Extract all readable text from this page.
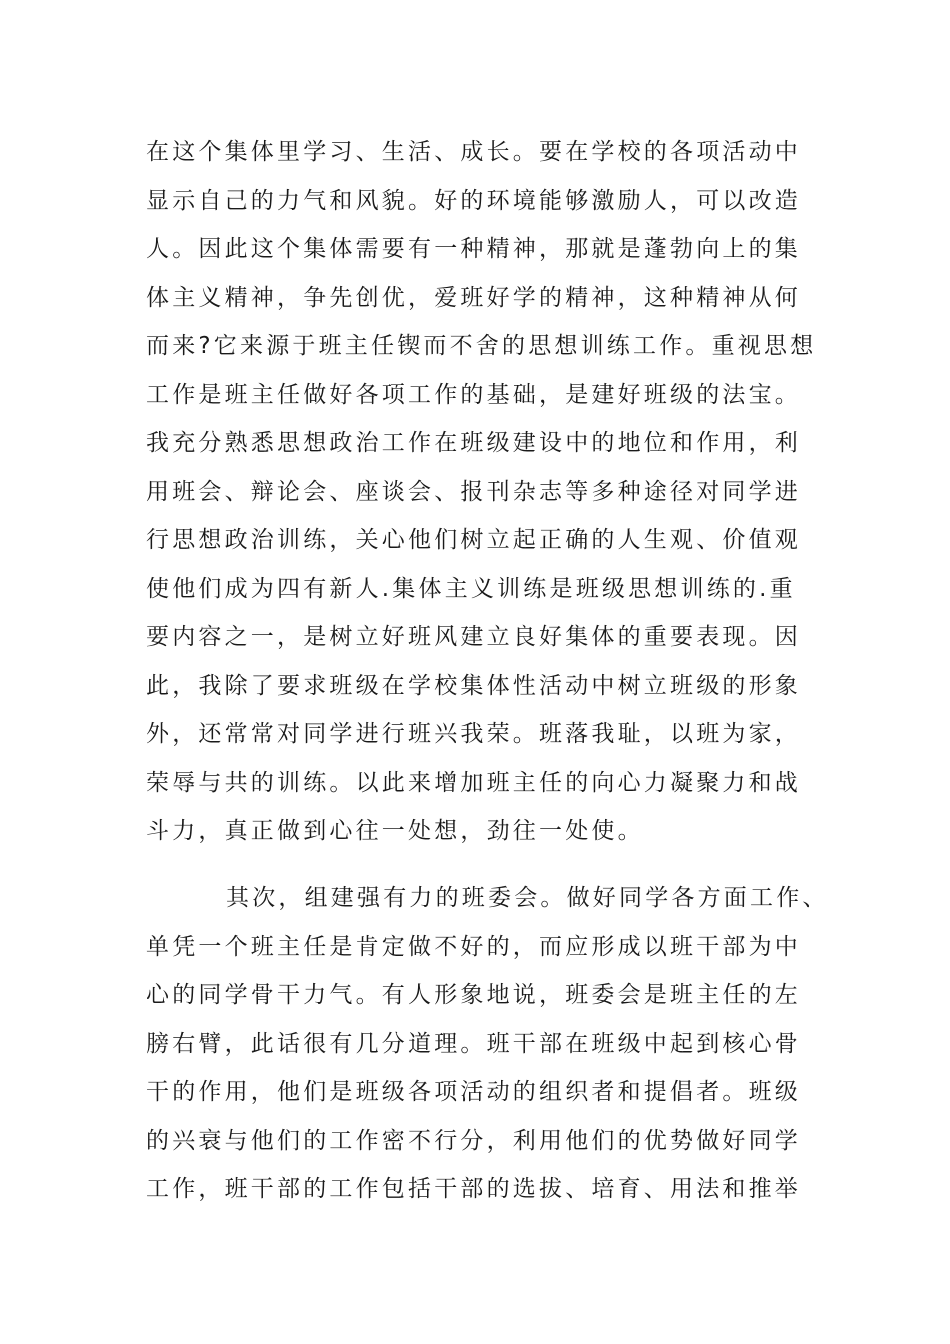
在这个集体里学习、生活、成长。要在学校的各项活动中
显示自己的力气和风貌。好的环境能够激励人，可以改造
人。因此这个集体需要有一种精神，那就是蓬勃向上的集
体主义精神，争先创优，爱班好学的精神，这种精神从何
而来?它来源于班主任锲而不舍的思想训练工作。重视思想
工作是班主任做好各项工作的基础，是建好班级的法宝。
我充分熟悉思想政治工作在班级建设中的地位和作用，利
用班会、辩论会、座谈会、报刊杂志等多种途径对同学进
行思想政治训练，关心他们树立起正确的人生观、价值观
使他们成为四有新人.集体主义训练是班级思想训练的.重
要内容之一，是树立好班风建立良好集体的重要表现。因
此，我除了要求班级在学校集体性活动中树立班级的形象
外，还常常对同学进行班兴我荣。班落我耻，以班为家，
荣辱与共的训练。以此来增加班主任的向心力凝聚力和战
斗力，真正做到心往一处想，劲往一处使。
其次，组建强有力的班委会。做好同学各方面工作、
单凭一个班主任是肯定做不好的，而应形成以班干部为中
心的同学骨干力气。有人形象地说，班委会是班主任的左
膀右臂，此话很有几分道理。班干部在班级中起到核心骨
干的作用，他们是班级各项活动的组织者和提倡者。班级
的兴衰与他们的工作密不行分，利用他们的优势做好同学
工作，班干部的工作包括干部的选拔、培育、用法和推举
